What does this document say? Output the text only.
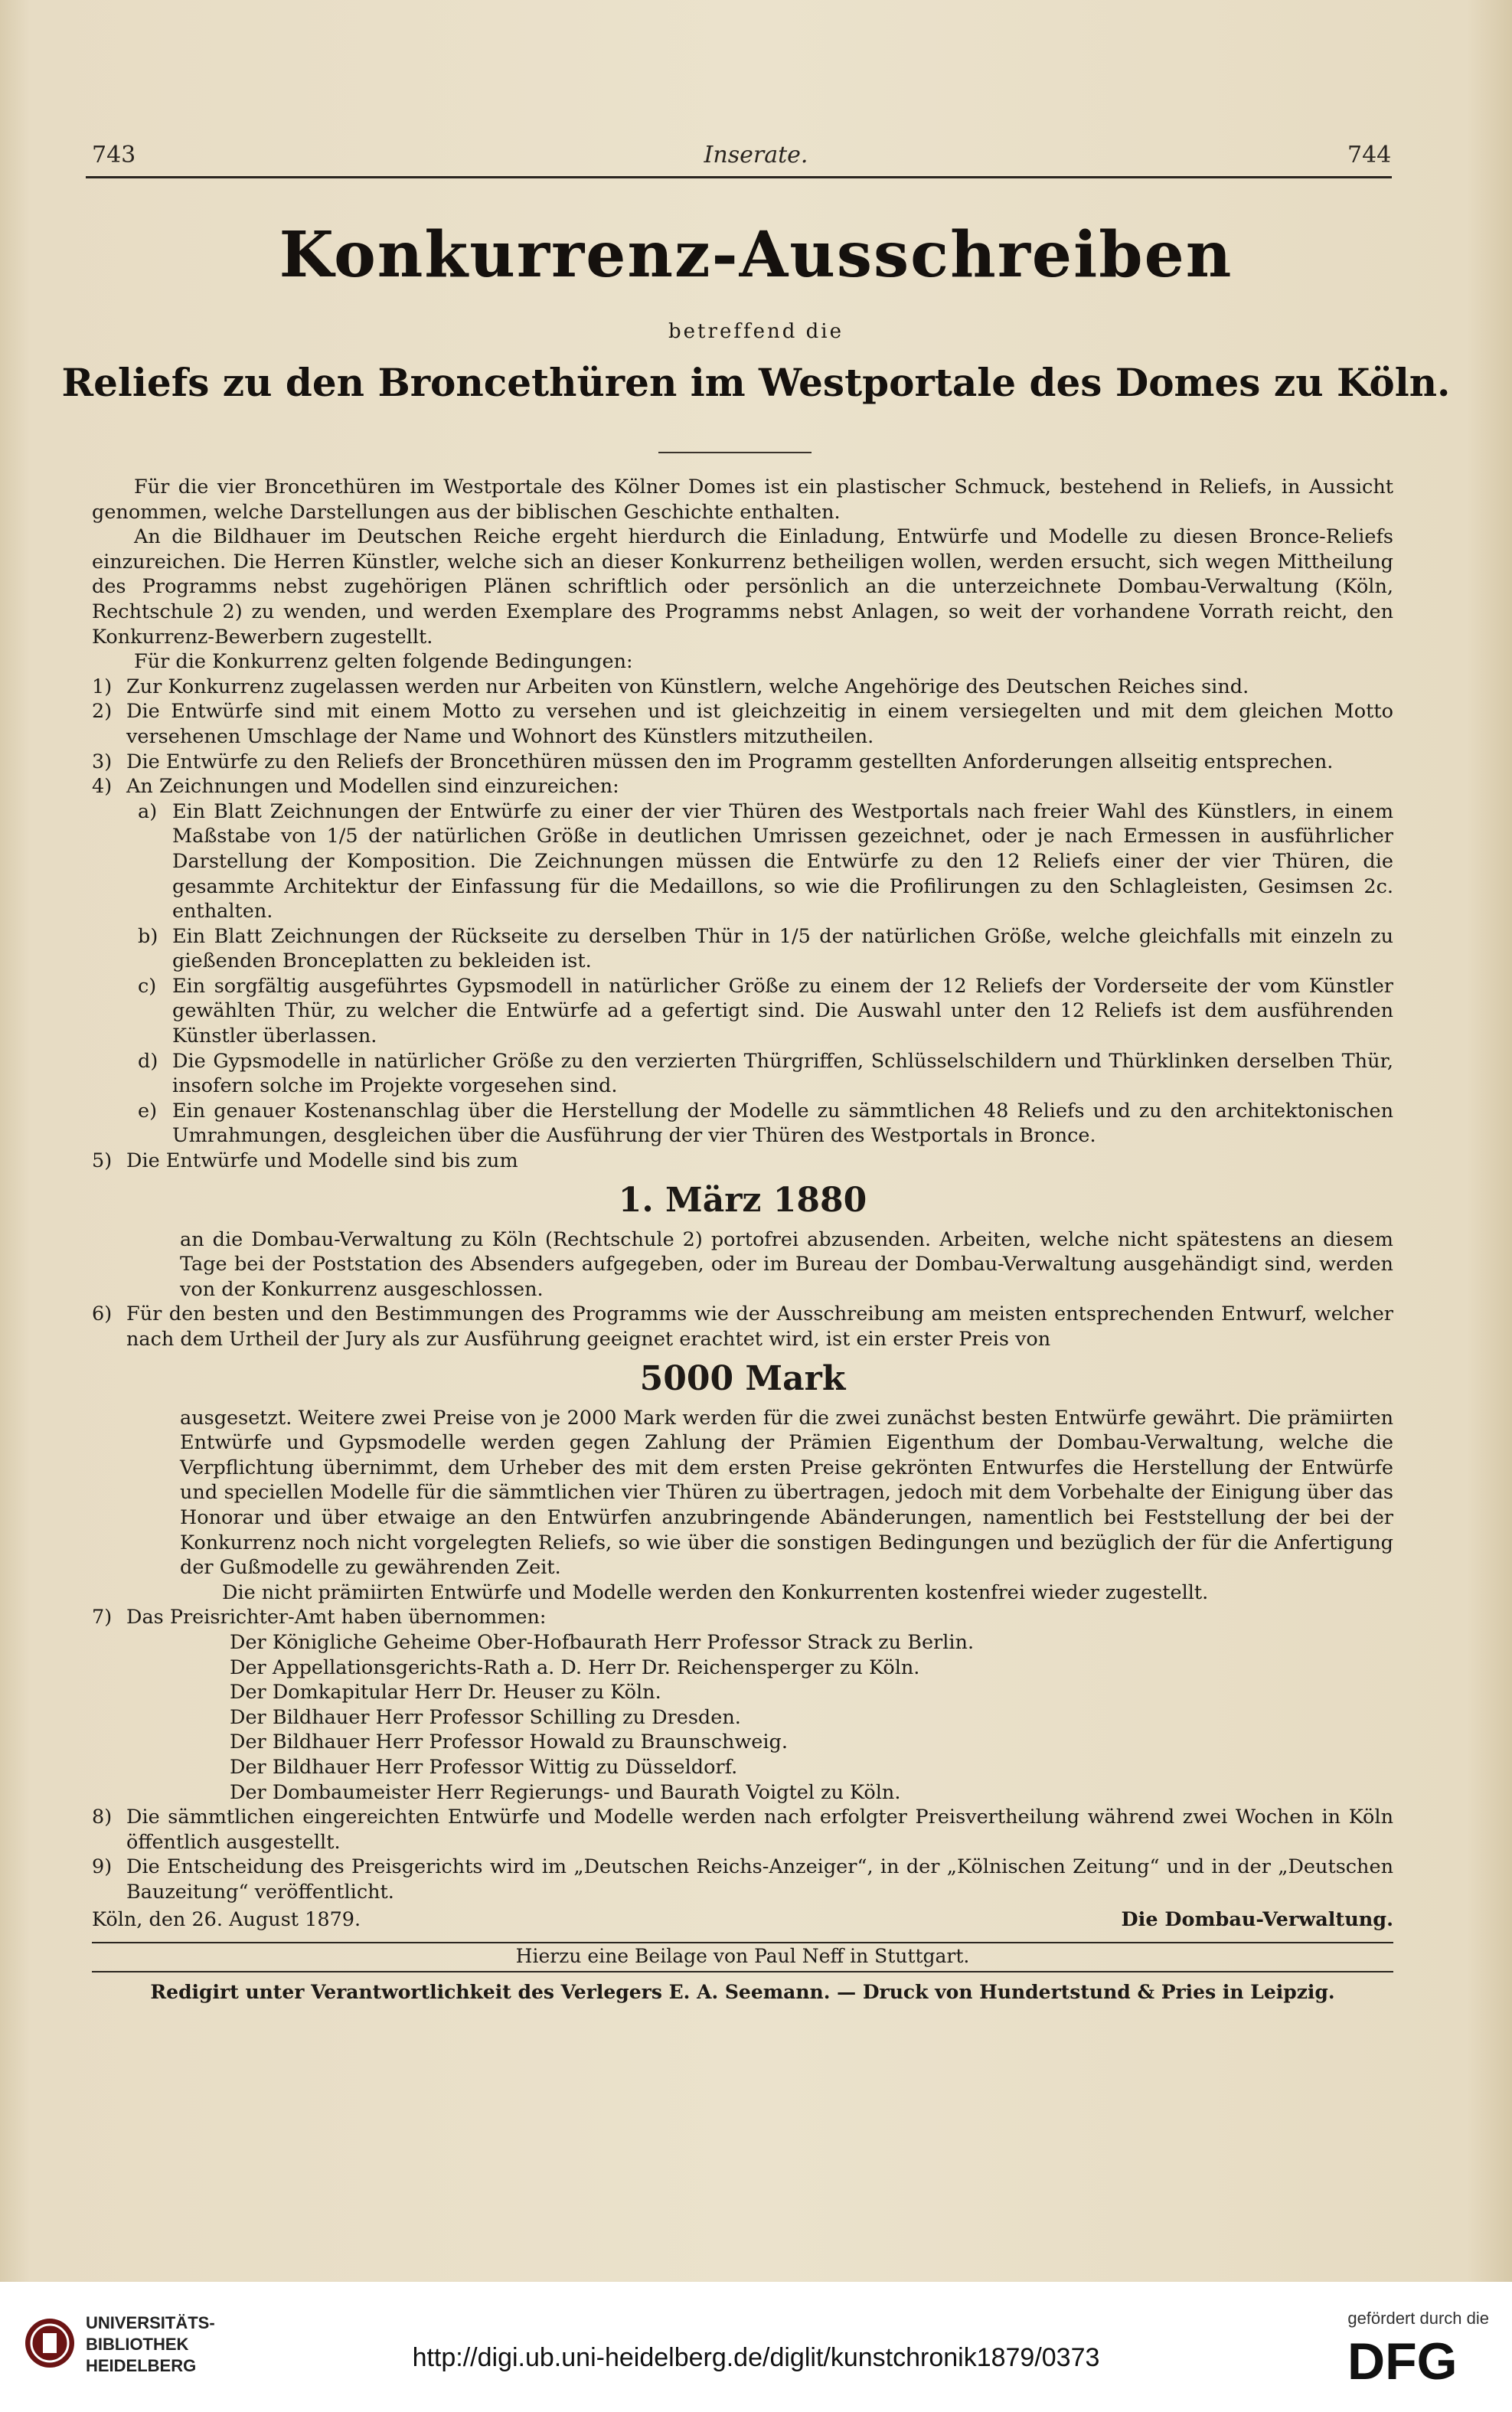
743	Inserate.	744
Konkurrenz-Ausschreiben
betreffend die
Reliefs zu den Broncethüren im Westportale des Domes zu Köln.

Für die vier Broncethüren im Westportale des Kölner Domes ist ein plastischer Schmuck, bestehend in Reliefs, in Aussicht genommen, welche Darstellungen aus der biblischen Geschichte enthalten.

An die Bildhauer im Deutschen Reiche ergeht hierdurch die Einladung, Entwürfe und Modelle zu diesen Bronce-Reliefs einzureichen. Die Herren Künstler, welche sich an dieser Konkurrenz betheiligen wollen, werden ersucht, sich wegen Mittheilung des Programms nebst zugehörigen Plänen schriftlich oder persönlich an die unterzeichnete Dombau-Verwaltung (Köln, Rechtschule 2) zu wenden, und werden Exemplare des Programms nebst Anlagen, so weit der vorhandene Vorrath reicht, den Konkurrenz-Bewerbern zugestellt.

Für die Konkurrenz gelten folgende Bedingungen:

1) Zur Konkurrenz zugelassen werden nur Arbeiten von Künstlern, welche Angehörige des Deutschen Reiches sind.
2) Die Entwürfe sind mit einem Motto zu versehen und ist gleichzeitig in einem versiegelten und mit dem gleichen Motto versehenen Umschlage der Name und Wohnort des Künstlers mitzutheilen.
3) Die Entwürfe zu den Reliefs der Broncethüren müssen den im Programm gestellten Anforderungen allseitig entsprechen.
4) An Zeichnungen und Modellen sind einzureichen:
a) Ein Blatt Zeichnungen der Entwürfe zu einer der vier Thüren des Westportals nach freier Wahl des Künstlers, in einem Maßstabe von 1/5 der natürlichen Größe in deutlichen Umrissen gezeichnet, oder je nach Ermessen in ausführlicher Darstellung der Komposition. Die Zeichnungen müssen die Entwürfe zu den 12 Reliefs einer der vier Thüren, die gesammte Architektur der Einfassung für die Medaillons, so wie die Profilirungen zu den Schlagleisten, Gesimsen 2c. enthalten.
b) Ein Blatt Zeichnungen der Rückseite zu derselben Thür in 1/5 der natürlichen Größe, welche gleichfalls mit einzeln zu gießenden Bronceplatten zu bekleiden ist.
c) Ein sorgfältig ausgeführtes Gypsmodell in natürlicher Größe zu einem der 12 Reliefs der Vorderseite der vom Künstler gewählten Thür, zu welcher die Entwürfe ad a gefertigt sind. Die Auswahl unter den 12 Reliefs ist dem ausführenden Künstler überlassen.
d) Die Gypsmodelle in natürlicher Größe zu den verzierten Thürgriffen, Schlüsselschildern und Thürklinken derselben Thür, insofern solche im Projekte vorgesehen sind.
e) Ein genauer Kostenanschlag über die Herstellung der Modelle zu sämmtlichen 48 Reliefs und zu den architektonischen Umrahmungen, desgleichen über die Ausführung der vier Thüren des Westportals in Bronce.
5) Die Entwürfe und Modelle sind bis zum
1. März 1880

an die Dombau-Verwaltung zu Köln (Rechtschule 2) portofrei abzusenden. Arbeiten, welche nicht spätestens an diesem Tage bei der Poststation des Absenders aufgegeben, oder im Bureau der Dombau-Verwaltung ausgehändigt sind, werden von der Konkurrenz ausgeschlossen.

6) Für den besten und den Bestimmungen des Programms wie der Ausschreibung am meisten entsprechenden Entwurf, welcher nach dem Urtheil der Jury als zur Ausführung geeignet erachtet wird, ist ein erster Preis von
5000 Mark

ausgesetzt. Weitere zwei Preise von je 2000 Mark werden für die zwei zunächst besten Entwürfe gewährt. Die prämiirten Entwürfe und Gypsmodelle werden gegen Zahlung der Prämien Eigenthum der Dombau-Verwaltung, welche die Verpflichtung übernimmt, dem Urheber des mit dem ersten Preise gekrönten Entwurfes die Herstellung der Entwürfe und speciellen Modelle für die sämmtlichen vier Thüren zu übertragen, jedoch mit dem Vorbehalte der Einigung über das Honorar und über etwaige an den Entwürfen anzubringende Abänderungen, namentlich bei Feststellung der bei der Konkurrenz noch nicht vorgelegten Reliefs, so wie über die sonstigen Bedingungen und bezüglich der für die Anfertigung der Gußmodelle zu gewährenden Zeit.

Die nicht prämiirten Entwürfe und Modelle werden den Konkurrenten kostenfrei wieder zugestellt.

7) Das Preisrichter-Amt haben übernommen:
Der Königliche Geheime Ober-Hofbaurath Herr Professor Strack zu Berlin.
Der Appellationsgerichts-Rath a. D. Herr Dr. Reichensperger zu Köln.
Der Domkapitular Herr Dr. Heuser zu Köln.
Der Bildhauer Herr Professor Schilling zu Dresden.
Der Bildhauer Herr Professor Howald zu Braunschweig.
Der Bildhauer Herr Professor Wittig zu Düsseldorf.
Der Dombaumeister Herr Regierungs- und Baurath Voigtel zu Köln.
8) Die sämmtlichen eingereichten Entwürfe und Modelle werden nach erfolgter Preisvertheilung während zwei Wochen in Köln öffentlich ausgestellt.
9) Die Entscheidung des Preisgerichts wird im „Deutschen Reichs-Anzeiger“, in der „Kölnischen Zeitung“ und in der „Deutschen Bauzeitung“ veröffentlicht.
Köln, den 26. August 1879.	Die Dombau-Verwaltung.
Hierzu eine Beilage von Paul Neff in Stuttgart.
Redigirt unter Verantwortlichkeit des Verlegers E. A. Seemann. — Druck von Hundertstund & Pries in Leipzig.
UNIVERSITÄTS-
BIBLIOTHEK
HEIDELBERG	http://digi.ub.uni-heidelberg.de/diglit/kunstchronik1879/0373
gefördert durch die
DFG
